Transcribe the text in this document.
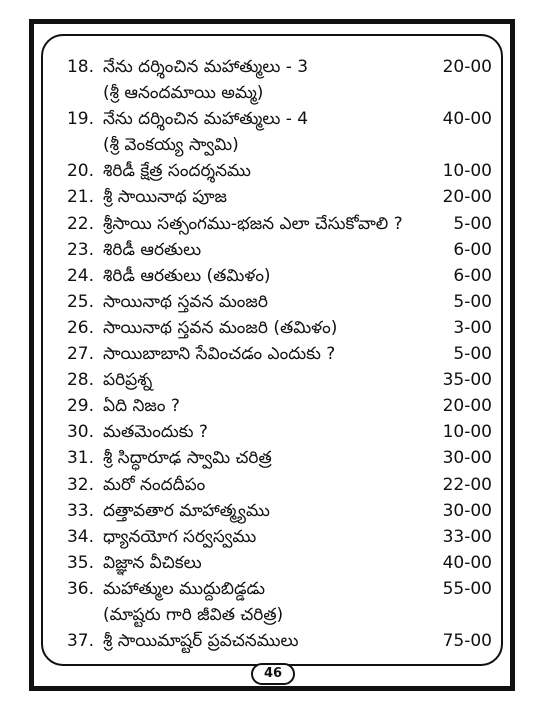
18. నేను దర్శించిన మహాత్ములు - 3	20-00
(శ్రీ ఆనందమాయి అమ్మ)
19. నేను దర్శించిన మహాత్ములు - 4	40-00
(శ్రీ వెంకయ్య స్వామి)
20. శిరిడీ క్షేత్ర సందర్శనము	10-00
21. శ్రీ సాయినాథ పూజ	20-00
22. శ్రీసాయి సత్సంగము-భజన ఎలా చేసుకోవాలి ?	5-00
23. శిరిడీ ఆరతులు	6-00
24. శిరిడీ ఆరతులు (తమిళం)	6-00
25. సాయినాథ స్తవన మంజరి	5-00
26. సాయినాథ స్తవన మంజరి (తమిళం)	3-00
27. సాయిబాబాని సేవించడం ఎందుకు ?	5-00
28. పరిప్రశ్న	35-00
29. ఏది నిజం ?	20-00
30. మతమెందుకు ?	10-00
31. శ్రీ సిద్ధారూఢ స్వామి చరిత్ర	30-00
32. మరో నందదీపం	22-00
33. దత్తావతార మాహాత్మ్యము	30-00
34. ధ్యానయోగ సర్వస్వము	33-00
35. విజ్ఞాన వీచికలు	40-00
36. మహాత్ముల ముద్దుబిడ్డడు	55-00
(మాష్టరు గారి జీవిత చరిత్ర)
37. శ్రీ సాయిమాష్టర్ ప్రవచనములు	75-00
46
